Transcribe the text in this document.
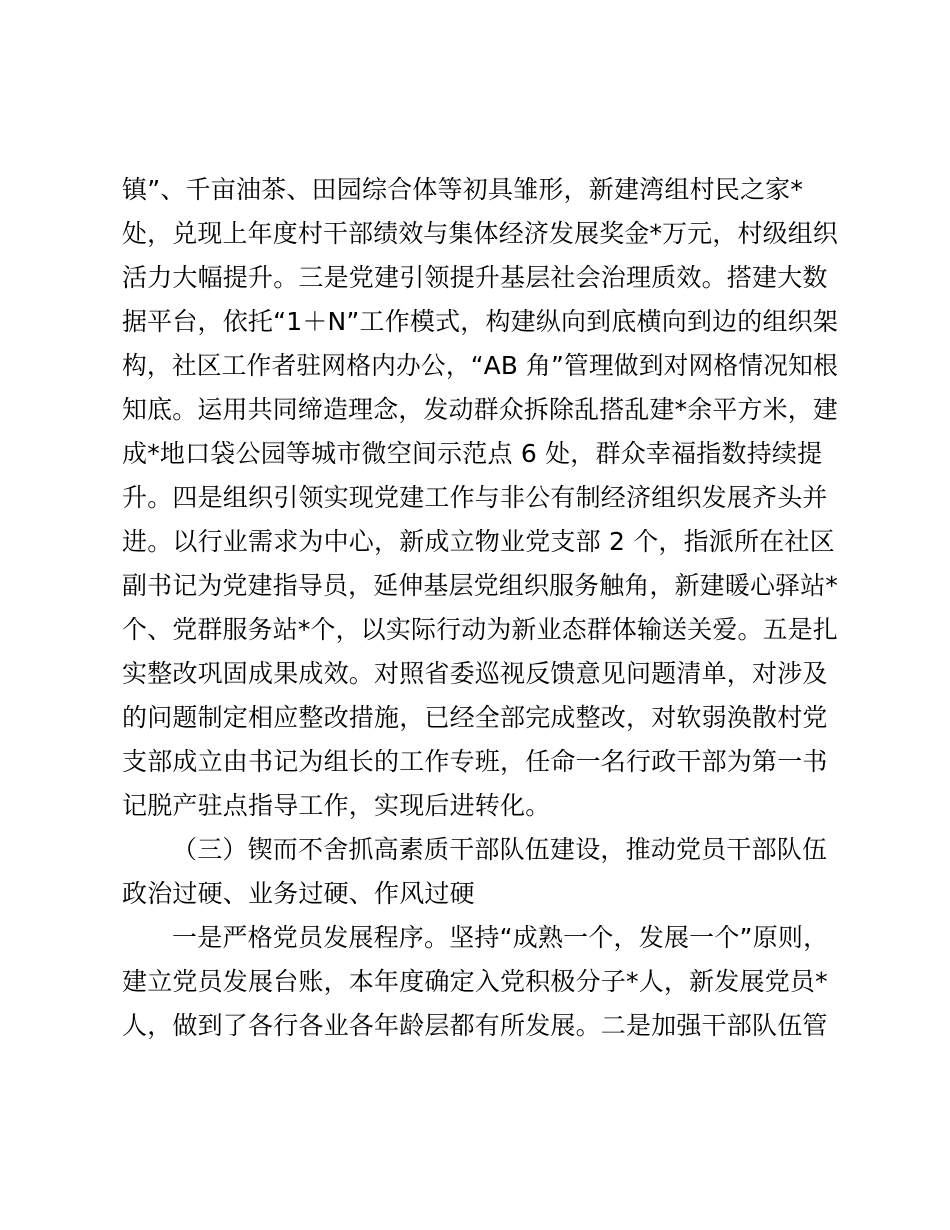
镇”、千亩油茶、田园综合体等初具雏形，新建湾组村民之家*
处，兑现上年度村干部绩效与集体经济发展奖金*万元，村级组织
活力大幅提升。三是党建引领提升基层社会治理质效。搭建大数
据平台，依托“1＋N”工作模式，构建纵向到底横向到边的组织架
构，社区工作者驻网格内办公，“AB 角”管理做到对网格情况知根
知底。运用共同缔造理念，发动群众拆除乱搭乱建*余平方米，建
成*地口袋公园等城市微空间示范点 6 处，群众幸福指数持续提
升。四是组织引领实现党建工作与非公有制经济组织发展齐头并
进。以行业需求为中心，新成立物业党支部 2 个，指派所在社区
副书记为党建指导员，延伸基层党组织服务触角，新建暖心驿站*
个、党群服务站*个，以实际行动为新业态群体输送关爱。五是扎
实整改巩固成果成效。对照省委巡视反馈意见问题清单，对涉及
的问题制定相应整改措施，已经全部完成整改，对软弱涣散村党
支部成立由书记为组长的工作专班，任命一名行政干部为第一书
记脱产驻点指导工作，实现后进转化。
（三）锲而不舍抓高素质干部队伍建设，推动党员干部队伍
政治过硬、业务过硬、作风过硬
一是严格党员发展程序。坚持“成熟一个，发展一个”原则，
建立党员发展台账，本年度确定入党积极分子*人，新发展党员*
人，做到了各行各业各年龄层都有所发展。二是加强干部队伍管
